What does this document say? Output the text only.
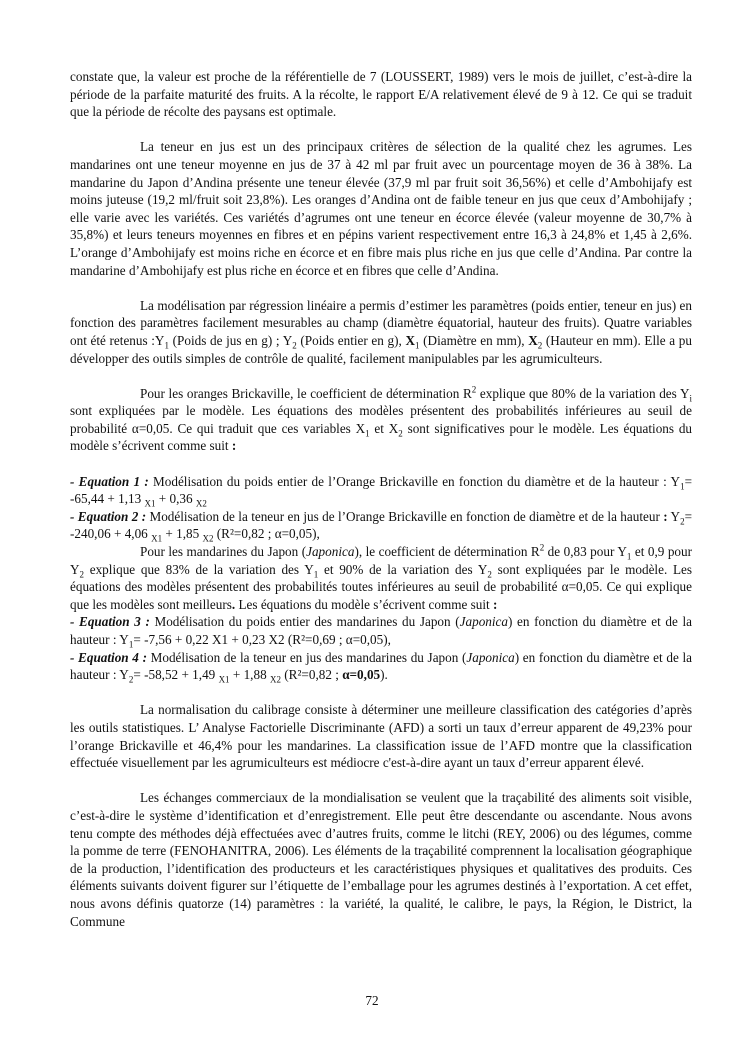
constate que, la valeur est proche de la référentielle de 7 (LOUSSERT, 1989) vers le mois de juillet, c’est-à-dire la période de la parfaite maturité des fruits. A la récolte, le rapport E/A relativement élevé de 9 à 12. Ce qui se traduit que la période de récolte des paysans est optimale.

La teneur en jus est un des principaux critères de sélection de la qualité chez les agrumes. Les mandarines ont une teneur moyenne en jus de 37 à 42 ml par fruit avec un pourcentage moyen de 36 à 38%. La mandarine du Japon d’Andina présente une teneur élevée (37,9 ml par fruit soit 36,56%) et celle d’Ambohijafy est moins juteuse (19,2 ml/fruit soit 23,8%). Les oranges d’Andina ont de faible teneur en jus que ceux d’Ambohijafy ; elle varie avec les variétés. Ces variétés d’agrumes ont une teneur en écorce élevée (valeur moyenne de 30,7% à 35,8%) et leurs teneurs moyennes en fibres et en pépins varient respectivement entre 16,3 à 24,8% et 1,45 à 2,6%. L’orange d’Ambohijafy est moins riche en écorce et en fibre mais plus riche en jus que celle d’Andina. Par contre la mandarine d’Ambohijafy est plus riche en écorce et en fibres que celle d’Andina.

La modélisation par régression linéaire a permis d’estimer les paramètres (poids entier, teneur en jus) en fonction des paramètres facilement mesurables au champ (diamètre équatorial, hauteur des fruits). Quatre variables ont été retenus $:Y_1$ (Poids de jus en g) ; $Y_2$ (Poids entier en g), $X_1$ (Diamètre en mm), $X_2$ (Hauteur en mm). Elle a pu développer des outils simples de contrôle de qualité, facilement manipulables par les agrumiculteurs.

Pour les oranges Brickaville, le coefficient de détermination $R^2$ explique que 80% de la variation des $Y_i$ sont expliquées par le modèle. Les équations des modèles présentent des probabilités inférieures au seuil de probabilité α=0,05. Ce qui traduit que ces variables $X_1$ et $X_2$ sont significatives pour le modèle. Les équations du modèle s’écrivent comme suit :

- Equation 1 : Modélisation du poids entier de l’Orange Brickaville en fonction du diamètre et de la hauteur : $Y_1= -65,44 + 1,13$ $_{X1}$ + 0,36 $_{X2}$

- Equation 2 : Modélisation de la teneur en jus de l’Orange Brickaville en fonction de diamètre et de la hauteur : $Y_2= -240,06 + 4,06$ $_{X1}$ + 1,85 $_{X2}$ (R²=0,82 ; α=0,05),

Pour les mandarines du Japon (Japonica), le coefficient de détermination $R^2$ de 0,83 pour $Y_1$ et 0,9 pour $Y_2$ explique que 83% de la variation des $Y_1$ et 90% de la variation des $Y_2$ sont expliquées par le modèle. Les équations des modèles présentent des probabilités toutes inférieures au seuil de probabilité α=0,05. Ce qui explique que les modèles sont meilleurs. Les équations du modèle s’écrivent comme suit :

- Equation 3 : Modélisation du poids entier des mandarines du Japon (Japonica) en fonction du diamètre et de la hauteur : $Y_1= -7,56 + 0,22$ X1 + 0,23 X2 (R²=0,69 ; α=0,05),

- Equation 4 : Modélisation de la teneur en jus des mandarines du Japon (Japonica) en fonction du diamètre et de la hauteur : $Y_2= -58,52 + 1,49$ $_{X1}$ + 1,88 $_{X2}$ (R²=0,82 ; α=0,05).

La normalisation du calibrage consiste à déterminer une meilleure classification des catégories d’après les outils statistiques. L’ Analyse Factorielle Discriminante (AFD) a sorti un taux d’erreur apparent de 49,23% pour l’orange Brickaville et 46,4% pour les mandarines. La classification issue de l’AFD montre que la classification effectuée visuellement par les agrumiculteurs est médiocre c'est-à-dire ayant un taux d’erreur apparent élevé.

Les échanges commerciaux de la mondialisation se veulent que la traçabilité des aliments soit visible, c’est-à-dire le système d’identification et d’enregistrement. Elle peut être descendante ou ascendante. Nous avons tenu compte des méthodes déjà effectuées avec d’autres fruits, comme le litchi (REY, 2006) ou des légumes, comme la pomme de terre (FENOHANITRA, 2006). Les éléments de la traçabilité comprennent la localisation géographique de la production, l’identification des producteurs et les caractéristiques physiques et qualitatives des produits. Ces éléments suivants doivent figurer sur l’étiquette de l’emballage pour les agrumes destinés à l’exportation. A cet effet, nous avons définis quatorze (14) paramètres : la variété, la qualité, le calibre, le pays, la Région, le District, la Commune

72
